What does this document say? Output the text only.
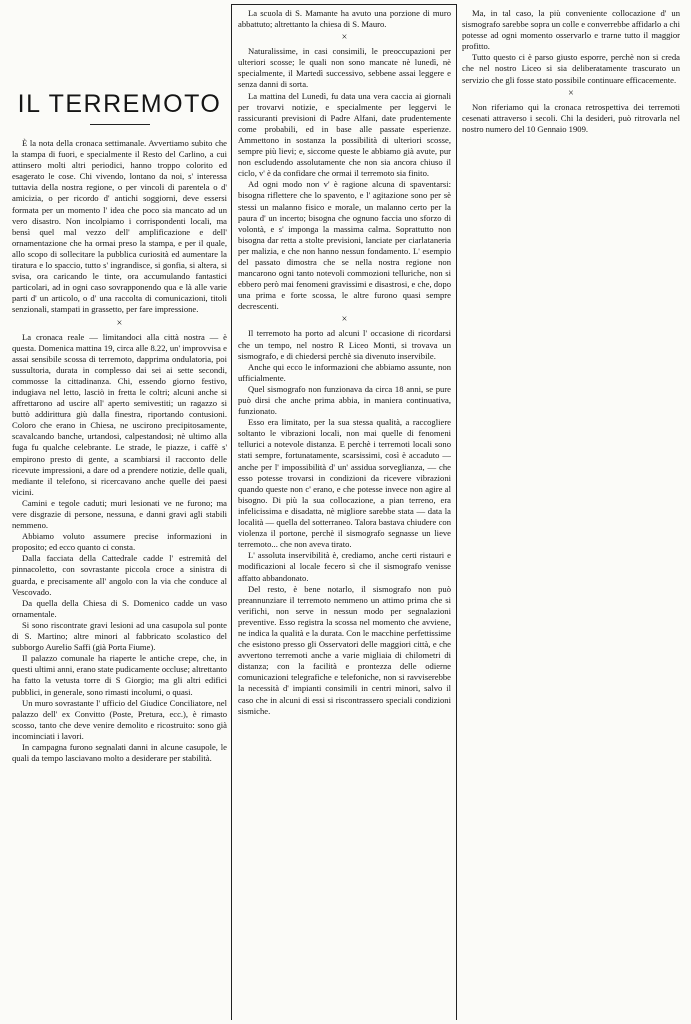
IL TERREMOTO

È la nota della cronaca settimanale. Avvertiamo subito che la stampa di fuori, e specialmente il Resto del Carlino, a cui attinsero molti altri periodici, hanno troppo colorito ed esagerato le cose. Chi vivendo, lontano da noi, s' interessa tuttavia della nostra regione, o per vincoli di parentela o d' amicizia, o per ricordo d' antichi soggiorni, deve essersi formata per un momento l' idea che poco sia mancato ad un vero disastro. Non incolpiamo i corrispondenti locali, ma bensì quel mal vezzo dell' amplificazione e dell' ornamentazione che ha ormai preso la stampa, e per il quale, allo scopo di sollecitare la pubblica curiosità ed aumentare la tiratura e lo spaccio, tutto s' ingrandisce, si gonfia, si altera, si svisa, ora caricando le tinte, ora accumulando fantastici particolari, ad in ogni caso sovrapponendo qua e là alle varie parti d' un articolo, o d' una raccolta di comunicazioni, titoli senzionali, stampati in grassetto, per fare impressione.

×

La cronaca reale — limitandoci alla città nostra — è questa. Domenica mattina 19, circa alle 8.22, un' improvvisa e assai sensibile scossa di terremoto, dapprima ondulatoria, poi sussultoria, durata in complesso dai sei ai sette secondi, commosse la cittadinanza. Chi, essendo giorno festivo, indugiava nel letto, lasciò in fretta le coltri; alcuni anche si affrettarono ad uscire all' aperto semivestiti; un ragazzo si buttò addirittura giù dalla finestra, riportando contusioni. Coloro che erano in Chiesa, ne uscirono precipitosamente, scavalcando banche, urtandosi, calpestandosi; nè ultimo alla fuga fu qualche celebrante. Le strade, le piazze, i caffè s' empirono presto di gente, a scambiarsi il racconto delle ricevute impressioni, a dare od a prendere notizie, delle quali, mediante il telefono, si ricercavano anche quelle dei paesi vicini.

Camini e tegole caduti; muri lesionati ve ne furono; ma vere disgrazie di persone, nessuna, e danni gravi agli stabili nemmeno.

Abbiamo voluto assumere precise informazioni in proposito; ed ecco quanto ci consta.

Dalla facciata della Cattedrale cadde l' estremità del pinnacoletto, con sovrastante piccola croce a sinistra di guarda, e precisamente all' angolo con la via che conduce al Vescovado.

Da quella della Chiesa di S. Domenico cadde un vaso ornamentale.

Si sono riscontrate gravi lesioni ad una casupola sul ponte di S. Martino; altre minori al fabbricato scolastico del subborgo Aurelio Saffi (già Porta Fiume).

Il palazzo comunale ha riaperte le antiche crepe, che, in questi ultimi anni, erano state pudicamente occluse; altrettanto ha fatto la vetusta torre di S Giorgio; ma gli altri edifici pubblici, in generale, sono rimasti incolumi, o quasi.

Un muro sovrastante l' ufficio del Giudice Conciliatore, nel palazzo dell' ex Convitto (Poste, Pretura, ecc.), è rimasto scosso, tanto che deve venire demolito e ricostruito: sono già incominciati i lavori.

In campagna furono segnalati danni in alcune casupole, le quali da tempo lasciavano molto a desiderare per stabilità.

La scuola di S. Mamante ha avuto una porzione di muro abbattuto; altrettanto la chiesa di S. Mauro.

×

Naturalissime, in casi consimili, le preoccupazioni per ulteriori scosse; le quali non sono mancate nè lunedì, nè specialmente, il Martedì successivo, sebbene assai leggere e senza danni di sorta.

La mattina del Lunedì, fu data una vera caccia ai giornali per trovarvi notizie, e specialmente per leggervi le rassicuranti previsioni di Padre Alfani, date prudentemente come probabili, ed in base alle passate esperienze. Ammettono in sostanza la possibilità di ulteriori scosse, sempre più lievi; e, siccome queste le abbiamo già avute, pur non escludendo assolutamente che non sia ancora chiuso il ciclo, v' è da confidare che ormai il terremoto sia finito.

Ad ogni modo non v' è ragione alcuna di spaventarsi: bisogna riflettere che lo spavento, e l' agitazione sono per sè stessi un malanno fisico e morale, un malanno certo per la paura d' un incerto; bisogna che ognuno faccia uno sforzo di volontà, e s' imponga la massima calma. Soprattutto non bisogna dar retta a stolte previsioni, lanciate per ciarlataneria per malizia, e che non hanno nessun fondamento. L' esempio del passato dimostra che se nella nostra regione non mancarono ogni tanto notevoli commozioni telluriche, non si ebbero però mai fenomeni gravissimi e disastrosi, e che, dopo una prima e forte scossa, le altre furono quasi sempre decrescenti.

×

Il terremoto ha porto ad alcuni l' occasione di ricordarsi che un tempo, nel nostro R Liceo Monti, si trovava un sismografo, e di chiedersi perchè sia divenuto inservibile.

Anche qui ecco le informazioni che abbiamo assunte, non ufficialmente.

Quel sismografo non funzionava da circa 18 anni, se pure può dirsi che anche prima abbia, in maniera continuativa, funzionato.

Esso era limitato, per la sua stessa qualità, a raccogliere soltanto le vibrazioni locali, non mai quelle di fenomeni tellurici a notevole distanza. E perchè i terremoti locali sono stati sempre, fortunatamente, scarsissimi, così è accaduto — anche per l' impossibilità d' un' assidua sorveglianza, — che esso potesse trovarsi in condizioni da ricevere vibrazioni quando queste non c' erano, e che potesse invece non agire al bisogno. Di più la sua collocazione, a pian terreno, era infelicissima e disadatta, nè migliore sarebbe stata — data la località — quella del sotterraneo. Talora bastava chiudere con violenza il portone, perchè il sismografo segnasse un lieve terremoto... che non aveva tirato.

L' assoluta inservibilità è, crediamo, anche certi ristauri e modificazioni al locale fecero sì che il sismografo venisse affatto abbandonato.

Del resto, è bene notarlo, il sismografo non può preannunziare il terremoto nemmeno un attimo prima che si verifichi, non serve in nessun modo per segnalazioni preventive. Esso registra la scossa nel momento che avviene, ne indica la qualità e la durata. Con le macchine perfettissime che esistono presso gli Osservatori delle maggiori città, e che avvertono terremoti anche a varie migliaia di chilometri di distanza; con la facilità e prontezza delle odierne comunicazioni telegrafiche e telefoniche, non si ravviserebbe la necessità d' impianti consimili in centri minori, salvo il caso che in alcuni di essi si riscontrassero speciali condizioni sismiche.

Ma, in tal caso, la più conveniente collocazione d' un sismografo sarebbe sopra un colle e converrebbe affidarlo a chi potesse ad ogni momento osservarlo e trarne tutto il maggior profitto.

Tutto questo ci è parso giusto esporre, perchè non si creda che nel nostro Liceo si sia deliberatamente trascurato un servizio che gli fosse stato possibile continuare efficacemente.

×

Non riferiamo qui la cronaca retrospettiva dei terremoti cesenati attraverso i secoli. Chi la desideri, può ritrovarla nel nostro numero del 10 Gennaio 1909.
